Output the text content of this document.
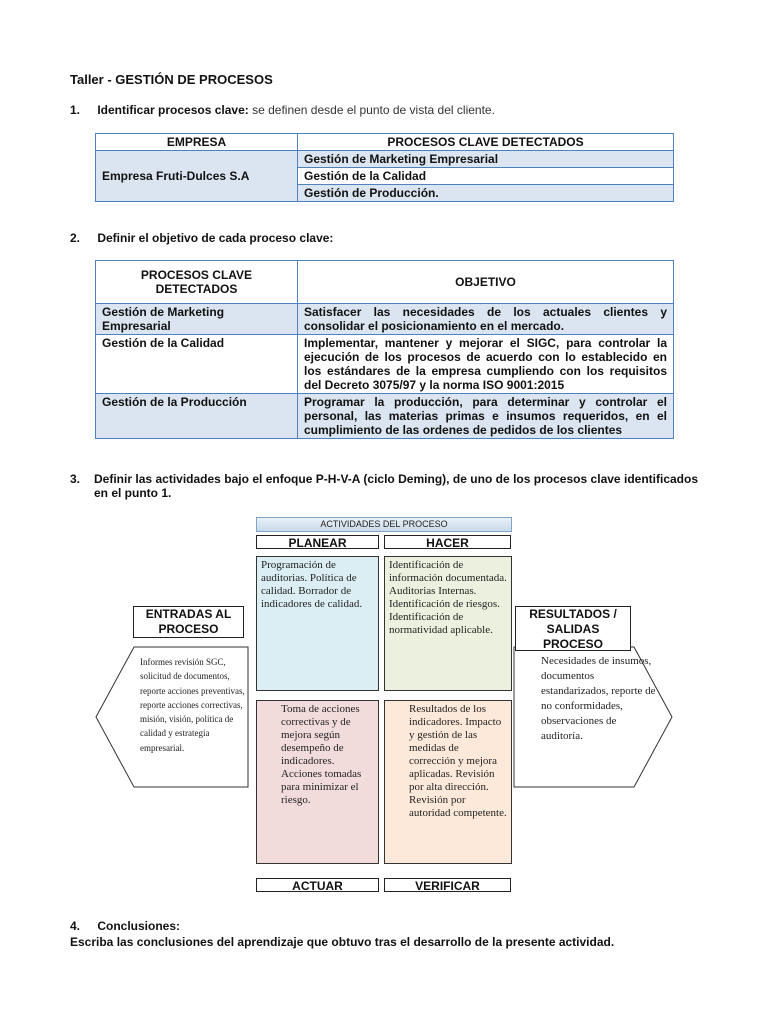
Taller - GESTIÓN DE PROCESOS
1. Identificar procesos clave: se definen desde el punto de vista del cliente.
EMPRESA	PROCESOS CLAVE DETECTADOS
Empresa Fruti-Dulces S.A	Gestión de Marketing Empresarial
	Gestión de la Calidad
	Gestión de Producción.
2. Definir el objetivo de cada proceso clave:
PROCESOS CLAVE DETECTADOS	OBJETIVO
Gestión de Marketing Empresarial	Satisfacer las necesidades de los actuales clientes y consolidar el posicionamiento en el mercado.
Gestión de la Calidad	Implementar, mantener y mejorar el SIGC, para controlar la ejecución de los procesos de acuerdo con lo establecido en los estándares de la empresa cumpliendo con los requisitos del Decreto 3075/97 y la norma ISO 9001:2015
Gestión de la Producción	Programar la producción, para determinar y controlar el personal, las materias primas e insumos requeridos, en el cumplimiento de las ordenes de pedidos de los clientes
3.	Definir las actividades bajo el enfoque P-H-V-A (ciclo Deming), de uno de los procesos clave identificados en el punto 1.
ACTIVIDADES DEL PROCESO
PLANEAR	HACER
Programación de auditorias. Política de calidad. Borrador de indicadores de calidad.
Identificación de información documentada. Auditorias Internas. Identificación de riesgos. Identificación de normatividad aplicable.
Toma de acciones correctivas y de mejora según desempeño de indicadores. Acciones tomadas para minimizar el riesgo.
Resultados de los indicadores. Impacto y gestión de las medidas de corrección y mejora aplicadas. Revisión por alta dirección. Revisión por autoridad competente.
ACTUAR	VERIFICAR
ENTRADAS AL PROCESO
Informes revisión SGC, solicitud de documentos, reporte acciones preventivas, reporte acciones correctivas, misión, visión, política de calidad y estrategia empresarial.
RESULTADOS / SALIDAS PROCESO
Necesidades de insumos, documentos estandarizados, reporte de no conformidades, observaciones de auditoría.
4. Conclusiones:
Escriba las conclusiones del aprendizaje que obtuvo tras el desarrollo de la presente actividad.
